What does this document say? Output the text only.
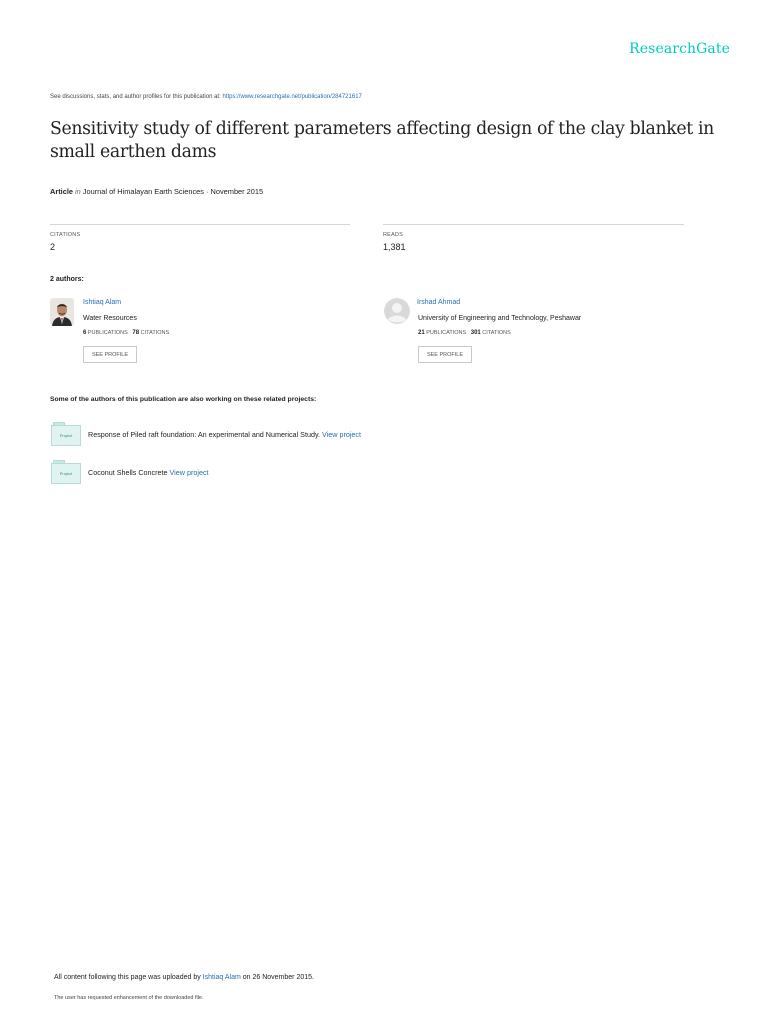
ResearchGate
See discussions, stats, and author profiles for this publication at: https://www.researchgate.net/publication/284721617
Sensitivity study of different parameters affecting design of the clay blanket in small earthen dams
Article in Journal of Himalayan Earth Sciences · November 2015
CITATIONS
2
READS
1,381
2 authors:
Ishtiaq Alam
Water Resources
6 PUBLICATIONS 78 CITATIONS
SEE PROFILE
Irshad Ahmad
University of Engineering and Technology, Peshawar
21 PUBLICATIONS 301 CITATIONS
SEE PROFILE
Some of the authors of this publication are also working on these related projects:
Project	Response of Piled raft foundation: An experimental and Numerical Study. View project
Project	Coconut Shells Concrete View project
All content following this page was uploaded by Ishtiaq Alam on 26 November 2015.
The user has requested enhancement of the downloaded file.
